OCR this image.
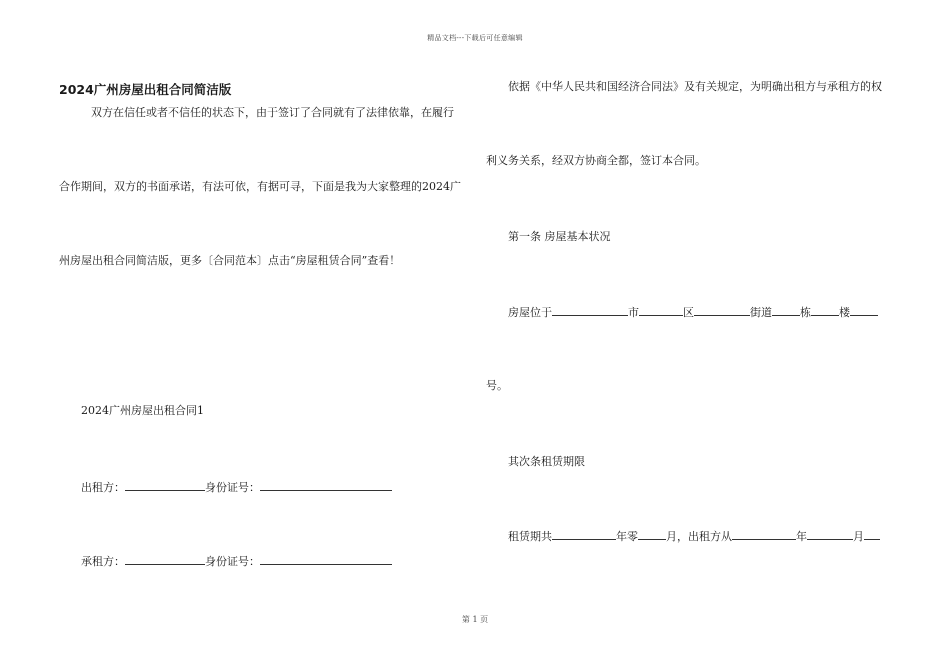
精品文档---下载后可任意编辑
2024广州房屋出租合同简洁版
双方在信任或者不信任的状态下，由于签订了合同就有了法律依靠，在履行
合作期间，双方的书面承诺，有法可依，有据可寻，下面是我为大家整理的2024广
州房屋出租合同简洁版，更多〔合同范本〕点击“房屋租赁合同”查看！
2024广州房屋出租合同1
出租方：	身份证号：
承租方：	身份证号：
依据《中华人民共和国经济合同法》及有关规定，为明确出租方与承租方的权
利义务关系，经双方协商全都，签订本合同。
第一条 房屋基本状况
房屋位于	市	区	街道	栋	楼
号。
其次条租赁期限
租赁期共	年零	月，出租方从	年	月
第 1 页
